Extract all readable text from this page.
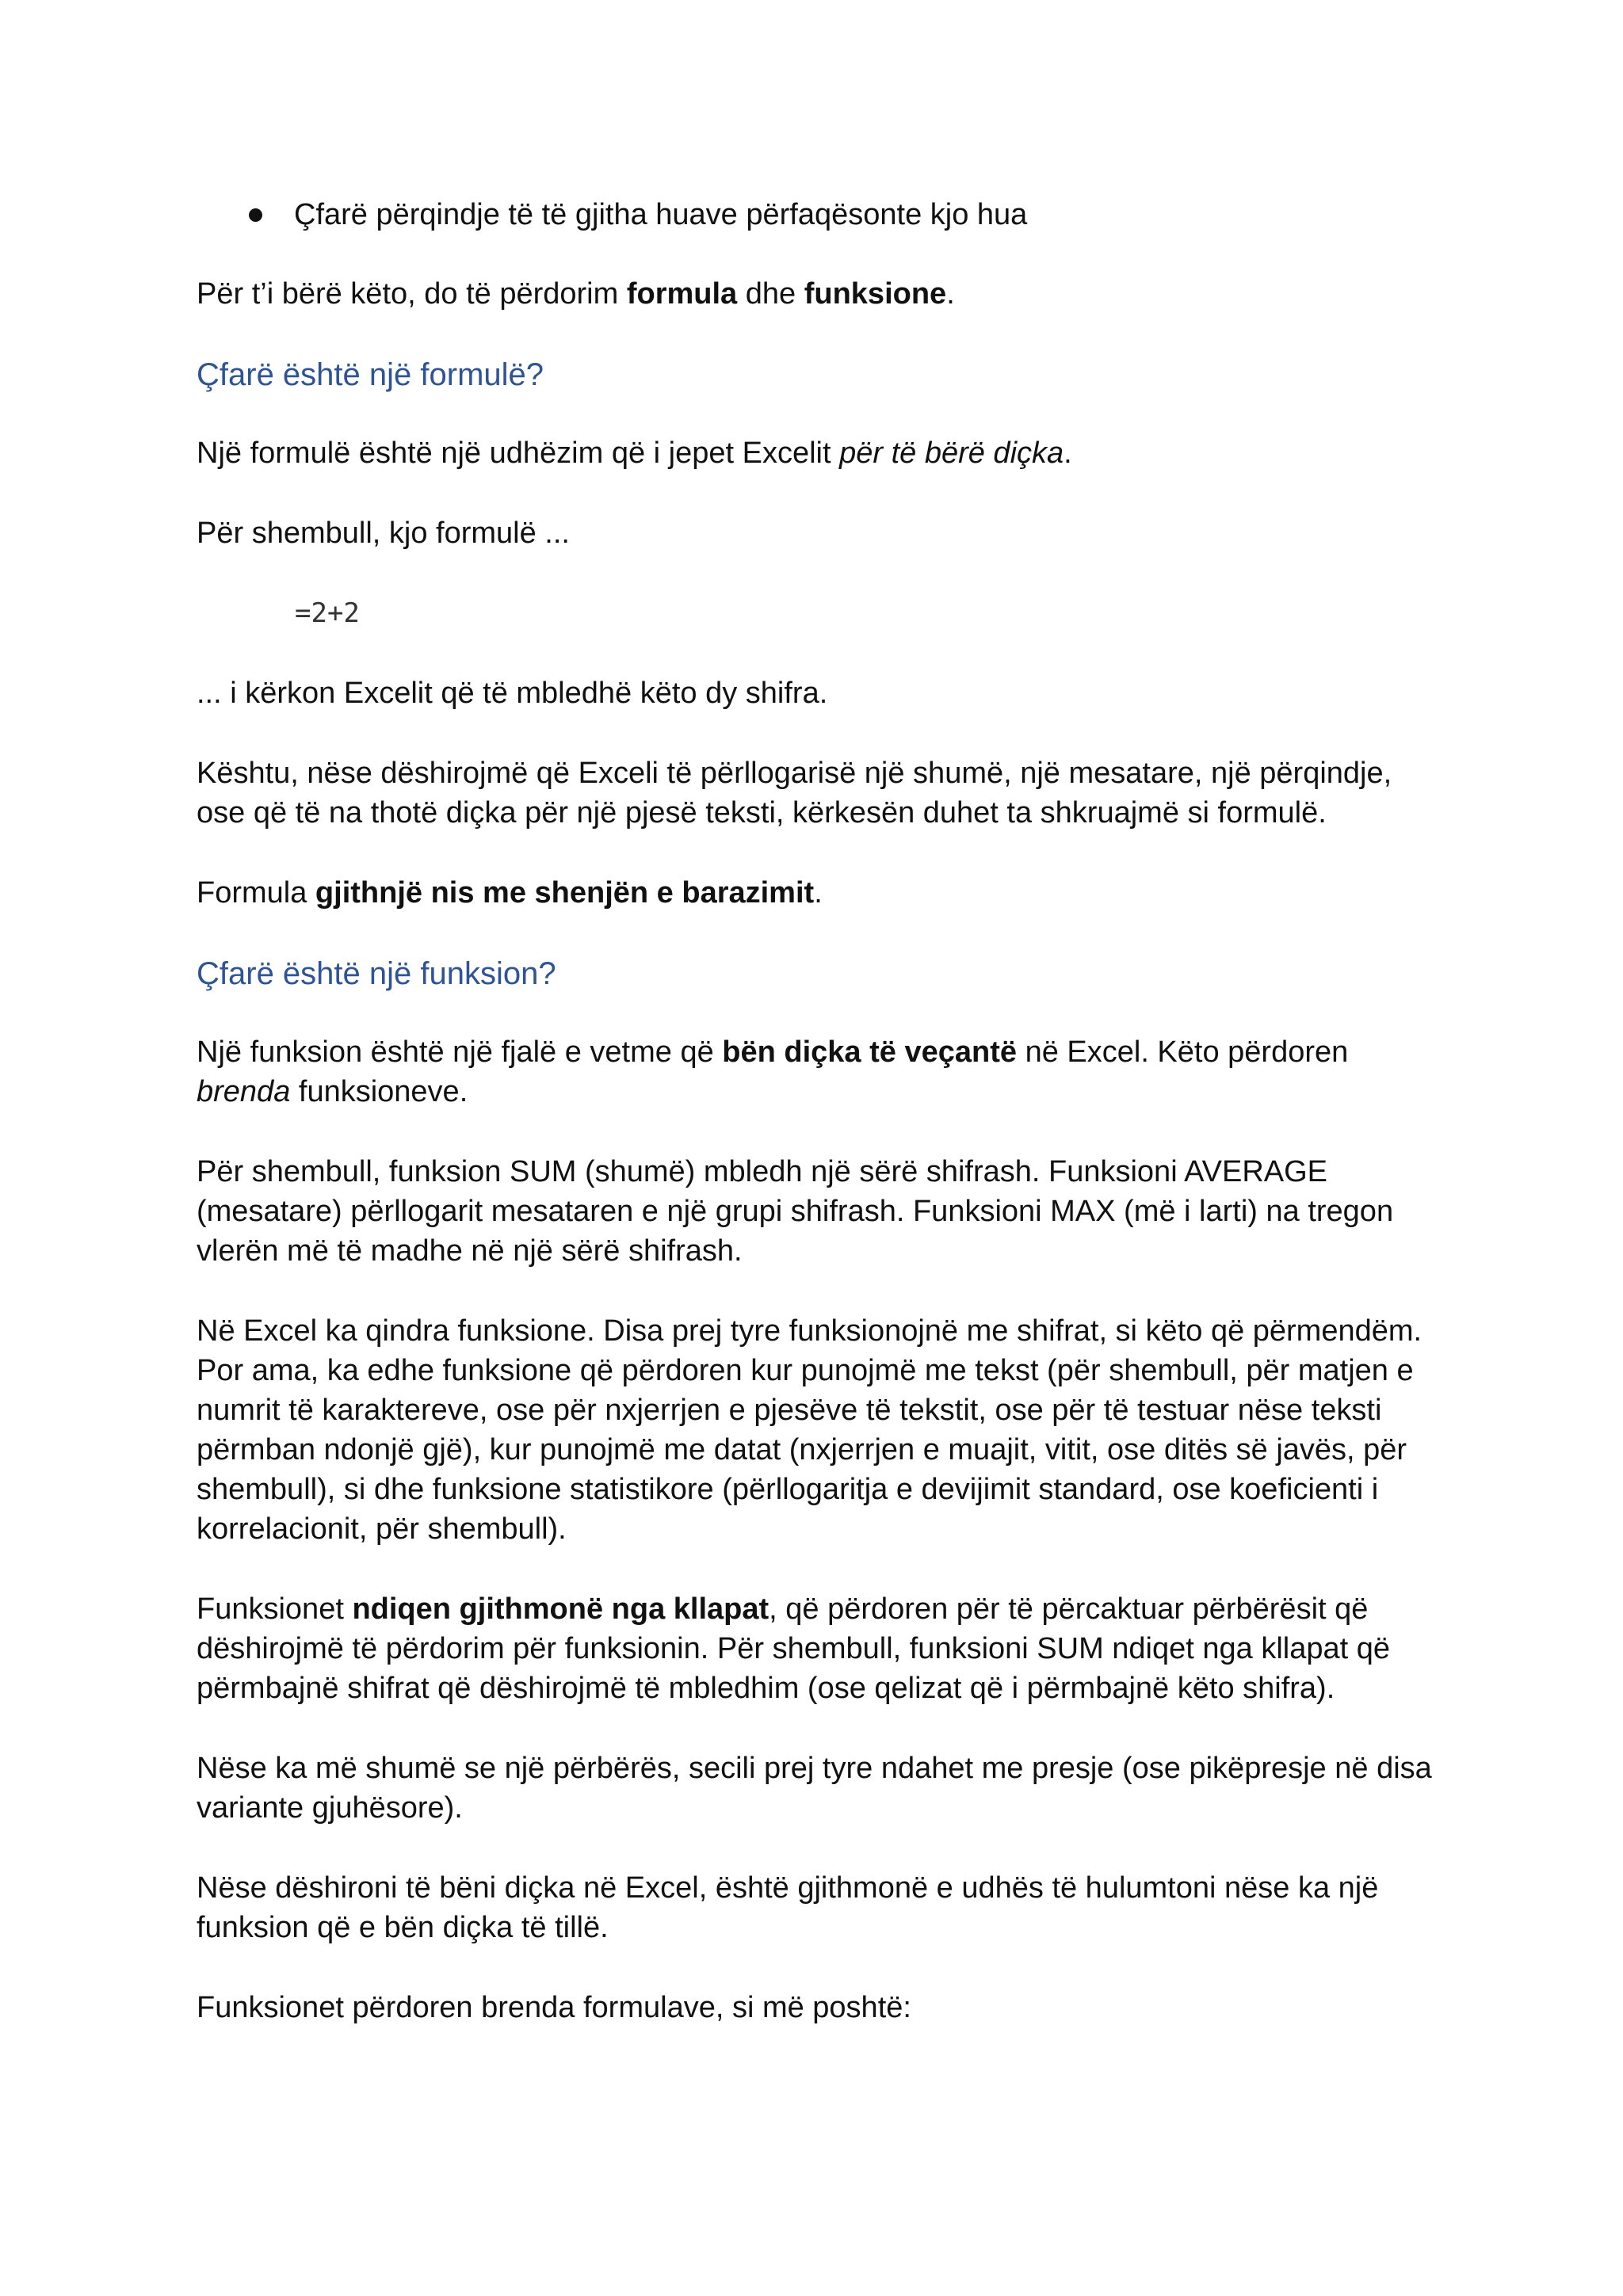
Çfarë përqindje të të gjitha huave përfaqësonte kjo hua

Për t’i bërë këto, do të përdorim formula dhe funksione.

Çfarë është një formulë?

Një formulë është një udhëzim që i jepet Excelit për të bërë diçka.

Për shembull, kjo formulë ...

=2+2

... i kërkon Excelit që të mbledhë këto dy shifra.

Kështu, nëse dëshirojmë që Exceli të përllogarisë një shumë, një mesatare, një përqindje, ose që të na thotë diçka për një pjesë teksti, kërkesën duhet ta shkruajmë si formulë.

Formula gjithnjë nis me shenjën e barazimit.

Çfarë është një funksion?

Një funksion është një fjalë e vetme që bën diçka të veçantë në Excel. Këto përdoren brenda funksioneve.

Për shembull, funksion SUM (shumë) mbledh një sërë shifrash. Funksioni AVERAGE (mesatare) përllogarit mesataren e një grupi shifrash. Funksioni MAX (më i larti) na tregon vlerën më të madhe në një sërë shifrash.

Në Excel ka qindra funksione. Disa prej tyre funksionojnë me shifrat, si këto që përmendëm. Por ama, ka edhe funksione që përdoren kur punojmë me tekst (për shembull, për matjen e numrit të karaktereve, ose për nxjerrjen e pjesëve të tekstit, ose për të testuar nëse teksti përmban ndonjë gjë), kur punojmë me datat (nxjerrjen e muajit, vitit, ose ditës së javës, për shembull), si dhe funksione statistikore (përllogaritja e devijimit standard, ose koeficienti i korrelacionit, për shembull).

Funksionet ndiqen gjithmonë nga kllapat, që përdoren për të përcaktuar përbërësit që dëshirojmë të përdorim për funksionin. Për shembull, funksioni SUM ndiqet nga kllapat që përmbajnë shifrat që dëshirojmë të mbledhim (ose qelizat që i përmbajnë këto shifra).

Nëse ka më shumë se një përbërës, secili prej tyre ndahet me presje (ose pikëpresje në disa variante gjuhësore).

Nëse dëshironi të bëni diçka në Excel, është gjithmonë e udhës të hulumtoni nëse ka një funksion që e bën diçka të tillë.

Funksionet përdoren brenda formulave, si më poshtë:
